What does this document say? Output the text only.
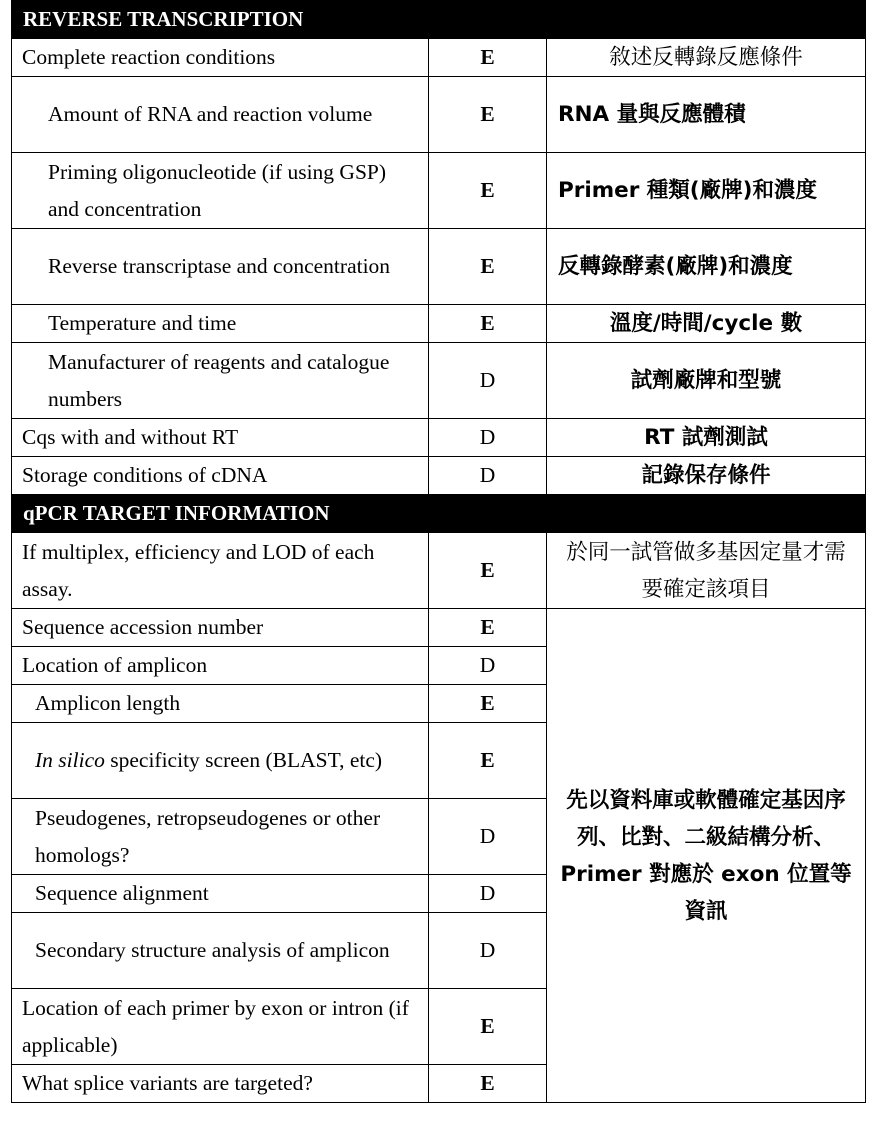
REVERSE TRANSCRIPTION		
Complete reaction conditions	E	敘述反轉錄反應條件
Amount of RNA and reaction volume	E	RNA 量與反應體積
Priming oligonucleotide (if using GSP) and concentration	E	Primer 種類(廠牌)和濃度
Reverse transcriptase and concentration	E	反轉錄酵素(廠牌)和濃度
Temperature and time	E	溫度/時間/cycle 數
Manufacturer of reagents and catalogue numbers	D	試劑廠牌和型號
Cqs with and without RT	D	RT 試劑測試
Storage conditions of cDNA	D	記錄保存條件
qPCR TARGET INFORMATION		
If multiplex, efficiency and LOD of each assay.	E	於同一試管做多基因定量才需要確定該項目
Sequence accession number	E	先以資料庫或軟體確定基因序列、比對、二級結構分析、Primer 對應於 exon 位置等資訊
Location of amplicon	D	
Amplicon length	E	
In silico specificity screen (BLAST, etc)	E	
Pseudogenes, retropseudogenes or other homologs?	D	
Sequence alignment	D	
Secondary structure analysis of amplicon	D	
Location of each primer by exon or intron (if applicable)	E	
What splice variants are targeted?	E	
